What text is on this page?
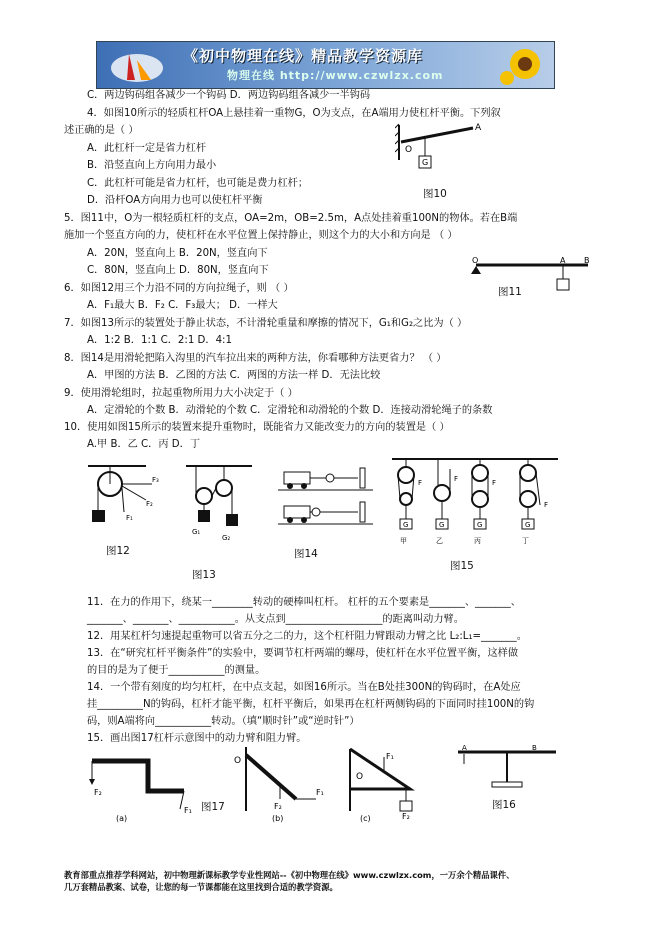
《初中物理在线》精品教学资源库
物理在线 http://www.czwlzx.com
C．两边钩码组各减少一个钩码 D．两边钩码组各减少一半钩码
4．如图10所示的轻质杠杆OA上悬挂着一重物G，O为支点，在A端用力使杠杆平衡。下列叙
述正确的是（ ）
A．此杠杆一定是省力杠杆
B．沿竖直向上方向用力最小
C．此杠杆可能是省力杠杆，也可能是费力杠杆；
D．沿杆OA方向用力也可以使杠杆平衡
5．图11中，O为一根轻质杠杆的支点，OA=2m，OB=2.5m，A点处挂着重100N的物体。若在B端
施加一个竖直方向的力，使杠杆在水平位置上保持静止，则这个力的大小和方向是 （ ）
A．20N，竖直向上 B．20N，竖直向下
C．80N，竖直向上 D．80N，竖直向下
6．如图12用三个力沿不同的方向拉绳子，则 （ ）
A．F₁最大 B．F₂ C．F₃最大； D．一样大
7．如图13所示的装置处于静止状态，不计滑轮重量和摩擦的情况下，G₁和G₂之比为（ ）
A．1:2 B．1:1 C．2:1 D．4:1
8．图14是用滑轮把陷入沟里的汽车拉出来的两种方法，你看哪种方法更省力？ （ ）
A．甲图的方法 B．乙图的方法 C．两图的方法一样 D．无法比较
9．使用滑轮组时，拉起重物所用力大小决定于（ ）
A．定滑轮的个数 B．动滑轮的个数 C．定滑轮和动滑轮的个数 D．连接动滑轮绳子的条数
10．使用如图15所示的装置来提升重物时，既能省力又能改变力的方向的装置是（ ）
A.甲 B．乙 C．丙 D．丁
11．在力的作用下，绕某一________转动的硬棒叫杠杆。 杠杆的五个要素是_______、_______、
_______、_______、___________。从支点到___________________的距离叫动力臂。
12．用某杠杆匀速提起重物可以省五分之二的力，这个杠杆阻力臂跟动力臂之比 L₂:L₁=_______。
13．在“研究杠杆平衡条件”的实验中，要调节杠杆两端的螺母，使杠杆在水平位置平衡，这样做
的目的是为了便于___________的测量。
14．一个带有刻度的均匀杠杆，在中点支起，如图16所示。当在B处挂300N的钩码时，在A处应
挂_________N的钩码，杠杆才能平衡，杠杆平衡后，如果再在杠杆两侧钩码的下面同时挂100N的钩
码，则A端将向___________转动。（填“顺时针”或“逆时针”）
15．画出图17杠杆示意图中的动力臂和阻力臂。
O
G
A
图10
O	A B
图11
F₃
F₂
F₁
图12
G₁
G₂
图13
图14
F	F	F
F
G	G	G	G
甲	乙	丙	丁
图15
F₂
F₁
(a)
O
F₁
F₂
(b)
O
F₁
F₂
(c)
图17
A	B
图16
教育部重点推荐学科网站，初中物理新课标教学专业性网站--《初中物理在线》www.czwlzx.com，一万余个精品课件、
几万套精品教案、试卷，让您的每一节课都能在这里找到合适的教学资源。
